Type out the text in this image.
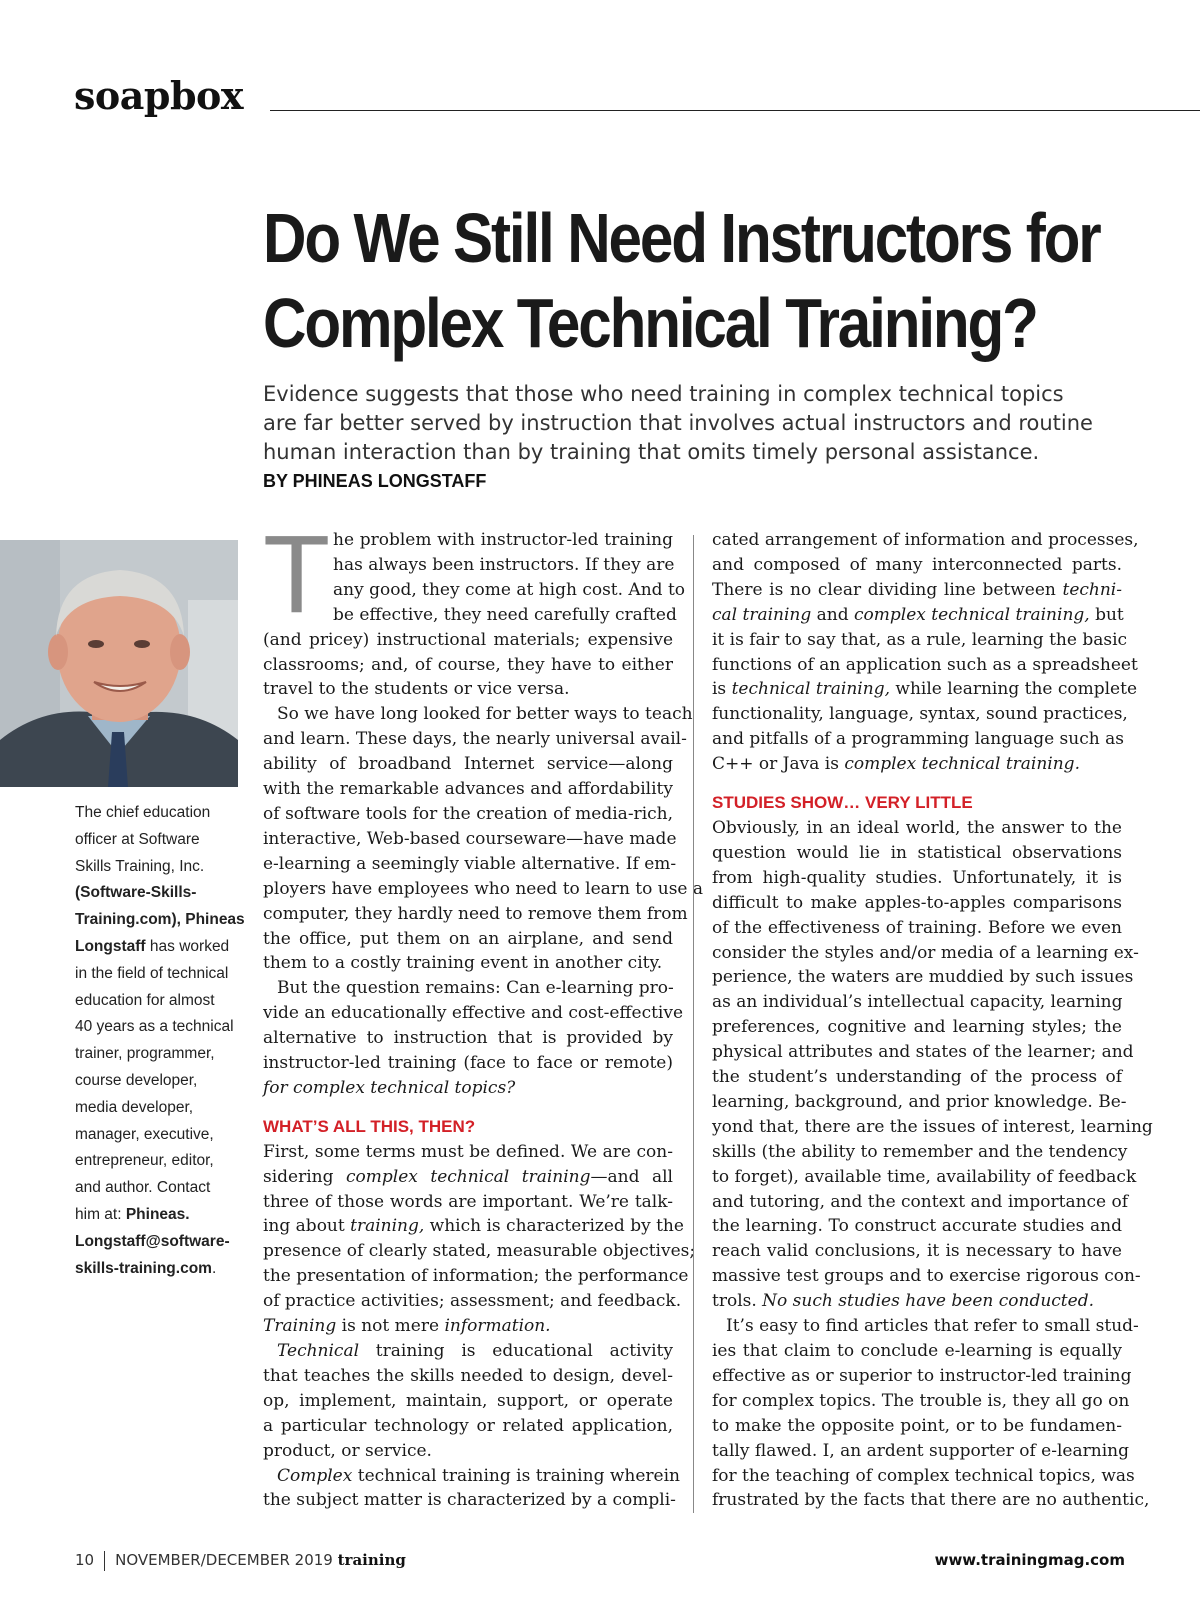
soapbox
Do We Still Need Instructors for
Complex Technical Training?
Evidence suggests that those who need training in complex technical topics
are far better served by instruction that involves actual instructors and routine
human interaction than by training that omits timely personal assistance.
BY PHINEAS LONGSTAFF
The chief education
officer at Software
Skills Training, Inc.
(Software-Skills-
Training.com), Phineas
Longstaff has worked
in the field of technical
education for almost
40 years as a technical
trainer, programmer,
course developer,
media developer,
manager, executive,
entrepreneur, editor,
and author. Contact
him at: Phineas.
Longstaff@software-
skills-training.com.
T he problem with instructor-led training
has always been instructors. If they are
any good, they come at high cost. And to
be effective, they need carefully crafted
(and pricey) instructional materials; expensive
classrooms; and, of course, they have to either
travel to the students or vice versa.
So we have long looked for better ways to teach
and learn. These days, the nearly universal avail-
ability of broadband Internet service—along
with the remarkable advances and affordability
of software tools for the creation of media-rich,
interactive, Web-based courseware—have made
e-learning a seemingly viable alternative. If em-
ployers have employees who need to learn to use a
computer, they hardly need to remove them from
the office, put them on an airplane, and send
them to a costly training event in another city.
But the question remains: Can e-learning pro-
vide an educationally effective and cost-effective
alternative to instruction that is provided by
instructor-led training (face to face or remote)
for complex technical topics?
WHAT’S ALL THIS, THEN?
First, some terms must be defined. We are con-
sidering complex technical training—and all
three of those words are important. We’re talk-
ing about training, which is characterized by the
presence of clearly stated, measurable objectives;
the presentation of information; the performance
of practice activities; assessment; and feedback.
Training is not mere information.
Technical training is educational activity
that teaches the skills needed to design, devel-
op, implement, maintain, support, or operate
a particular technology or related application,
product, or service.
Complex technical training is training wherein
the subject matter is characterized by a compli-
cated arrangement of information and processes,
and composed of many interconnected parts.
There is no clear dividing line between techni-
cal training and complex technical training, but
it is fair to say that, as a rule, learning the basic
functions of an application such as a spreadsheet
is technical training, while learning the complete
functionality, language, syntax, sound practices,
and pitfalls of a programming language such as
C++ or Java is complex technical training.
STUDIES SHOW… VERY LITTLE
Obviously, in an ideal world, the answer to the
question would lie in statistical observations
from high-quality studies. Unfortunately, it is
difficult to make apples-to-apples comparisons
of the effectiveness of training. Before we even
consider the styles and/or media of a learning ex-
perience, the waters are muddied by such issues
as an individual’s intellectual capacity, learning
preferences, cognitive and learning styles; the
physical attributes and states of the learner; and
the student’s understanding of the process of
learning, background, and prior knowledge. Be-
yond that, there are the issues of interest, learning
skills (the ability to remember and the tendency
to forget), available time, availability of feedback
and tutoring, and the context and importance of
the learning. To construct accurate studies and
reach valid conclusions, it is necessary to have
massive test groups and to exercise rigorous con-
trols. No such studies have been conducted.
It’s easy to find articles that refer to small stud-
ies that claim to conclude e-learning is equally
effective as or superior to instructor-led training
for complex topics. The trouble is, they all go on
to make the opposite point, or to be fundamen-
tally flawed. I, an ardent supporter of e-learning
for the teaching of complex technical topics, was
frustrated by the facts that there are no authentic,
10 NOVEMBER/DECEMBER 2019 training	www.trainingmag.com
